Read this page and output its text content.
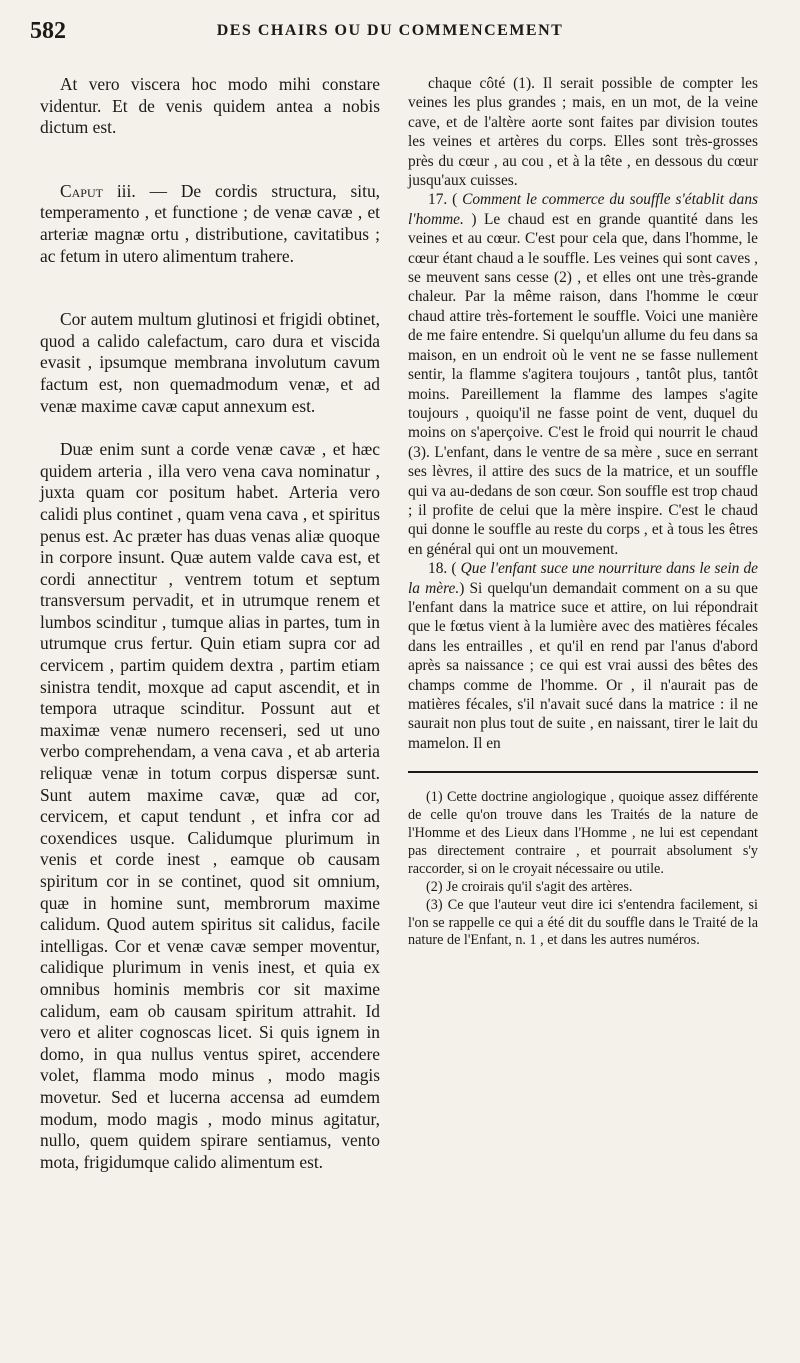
582	DES CHAIRS OU DU COMMENCEMENT

At vero viscera hoc modo mihi constare videntur. Et de venis quidem antea a nobis dictum est.

Caput iii. — De cordis structura, situ, temperamento , et functione ; de venæ cavæ , et arteriæ magnæ ortu , distributione, cavitatibus ; ac fetum in utero alimentum trahere.

Cor autem multum glutinosi et frigidi obtinet, quod a calido calefactum, caro dura et viscida evasit , ipsumque membrana involutum cavum factum est, non quemadmodum venæ, et ad venæ maxime cavæ caput annexum est.

Duæ enim sunt a corde venæ cavæ , et hæc quidem arteria , illa vero vena cava nominatur , juxta quam cor positum habet. Arteria vero calidi plus continet , quam vena cava , et spiritus penus est. Ac præter has duas venas aliæ quoque in corpore insunt. Quæ autem valde cava est, et cordi annectitur , ventrem totum et septum transversum pervadit, et in utrumque renem et lumbos scinditur , tumque alias in partes, tum in utrumque crus fertur. Quin etiam supra cor ad cervicem , partim quidem dextra , partim etiam sinistra tendit, moxque ad caput ascendit, et in tempora utraque scinditur. Possunt aut et maximæ venæ numero recenseri, sed ut uno verbo comprehendam, a vena cava , et ab arteria reliquæ venæ in totum corpus dispersæ sunt. Sunt autem maxime cavæ, quæ ad cor, cervicem, et caput tendunt , et infra cor ad coxendices usque. Calidumque plurimum in venis et corde inest , eamque ob causam spiritum cor in se continet, quod sit omnium, quæ in homine sunt, membrorum maxime calidum. Quod autem spiritus sit calidus, facile intelligas. Cor et venæ cavæ semper moventur, calidique plurimum in venis inest, et quia ex omnibus hominis membris cor sit maxime calidum, eam ob causam spiritum attrahit. Id vero et aliter cognoscas licet. Si quis ignem in domo, in qua nullus ventus spiret, accendere volet, flamma modo minus , modo magis movetur. Sed et lucerna accensa ad eumdem modum, modo magis , modo minus agitatur, nullo, quem quidem spirare sentiamus, vento mota, frigidumque calido alimentum est.

chaque côté (1). Il serait possible de compter les veines les plus grandes ; mais, en un mot, de la veine cave, et de l'altère aorte sont faites par division toutes les veines et artères du corps. Elles sont très-grosses près du cœur , au cou , et à la tête , en dessous du cœur jusqu'aux cuisses.

17. ( Comment le commerce du souffle s'établit dans l'homme. ) Le chaud est en grande quantité dans les veines et au cœur. C'est pour cela que, dans l'homme, le cœur étant chaud a le souffle. Les veines qui sont caves , se meuvent sans cesse (2) , et elles ont une très-grande chaleur. Par la même raison, dans l'homme le cœur chaud attire très-fortement le souffle. Voici une manière de me faire entendre. Si quelqu'un allume du feu dans sa maison, en un endroit où le vent ne se fasse nullement sentir, la flamme s'agitera toujours , tantôt plus, tantôt moins. Pareillement la flamme des lampes s'agite toujours , quoiqu'il ne fasse point de vent, duquel du moins on s'aperçoive. C'est le froid qui nourrit le chaud (3). L'enfant, dans le ventre de sa mère , suce en serrant ses lèvres, il attire des sucs de la matrice, et un souffle qui va au-dedans de son cœur. Son souffle est trop chaud ; il profite de celui que la mère inspire. C'est le chaud qui donne le souffle au reste du corps , et à tous les êtres en général qui ont un mouvement.

18. ( Que l'enfant suce une nourriture dans le sein de la mère.) Si quelqu'un demandait comment on a su que l'enfant dans la matrice suce et attire, on lui répondrait que le fœtus vient à la lumière avec des matières fécales dans les entrailles , et qu'il en rend par l'anus d'abord après sa naissance ; ce qui est vrai aussi des bêtes des champs comme de l'homme. Or , il n'aurait pas de matières fécales, s'il n'avait sucé dans la matrice : il ne saurait non plus tout de suite , en naissant, tirer le lait du mamelon. Il en

(1) Cette doctrine angiologique , quoique assez différente de celle qu'on trouve dans les Traités de la nature de l'Homme et des Lieux dans l'Homme , ne lui est cependant pas directement contraire , et pourrait absolument s'y raccorder, si on le croyait nécessaire ou utile.

(2) Je croirais qu'il s'agit des artères.

(3) Ce que l'auteur veut dire ici s'entendra facilement, si l'on se rappelle ce qui a été dit du souffle dans le Traité de la nature de l'Enfant, n. 1 , et dans les autres numéros.
